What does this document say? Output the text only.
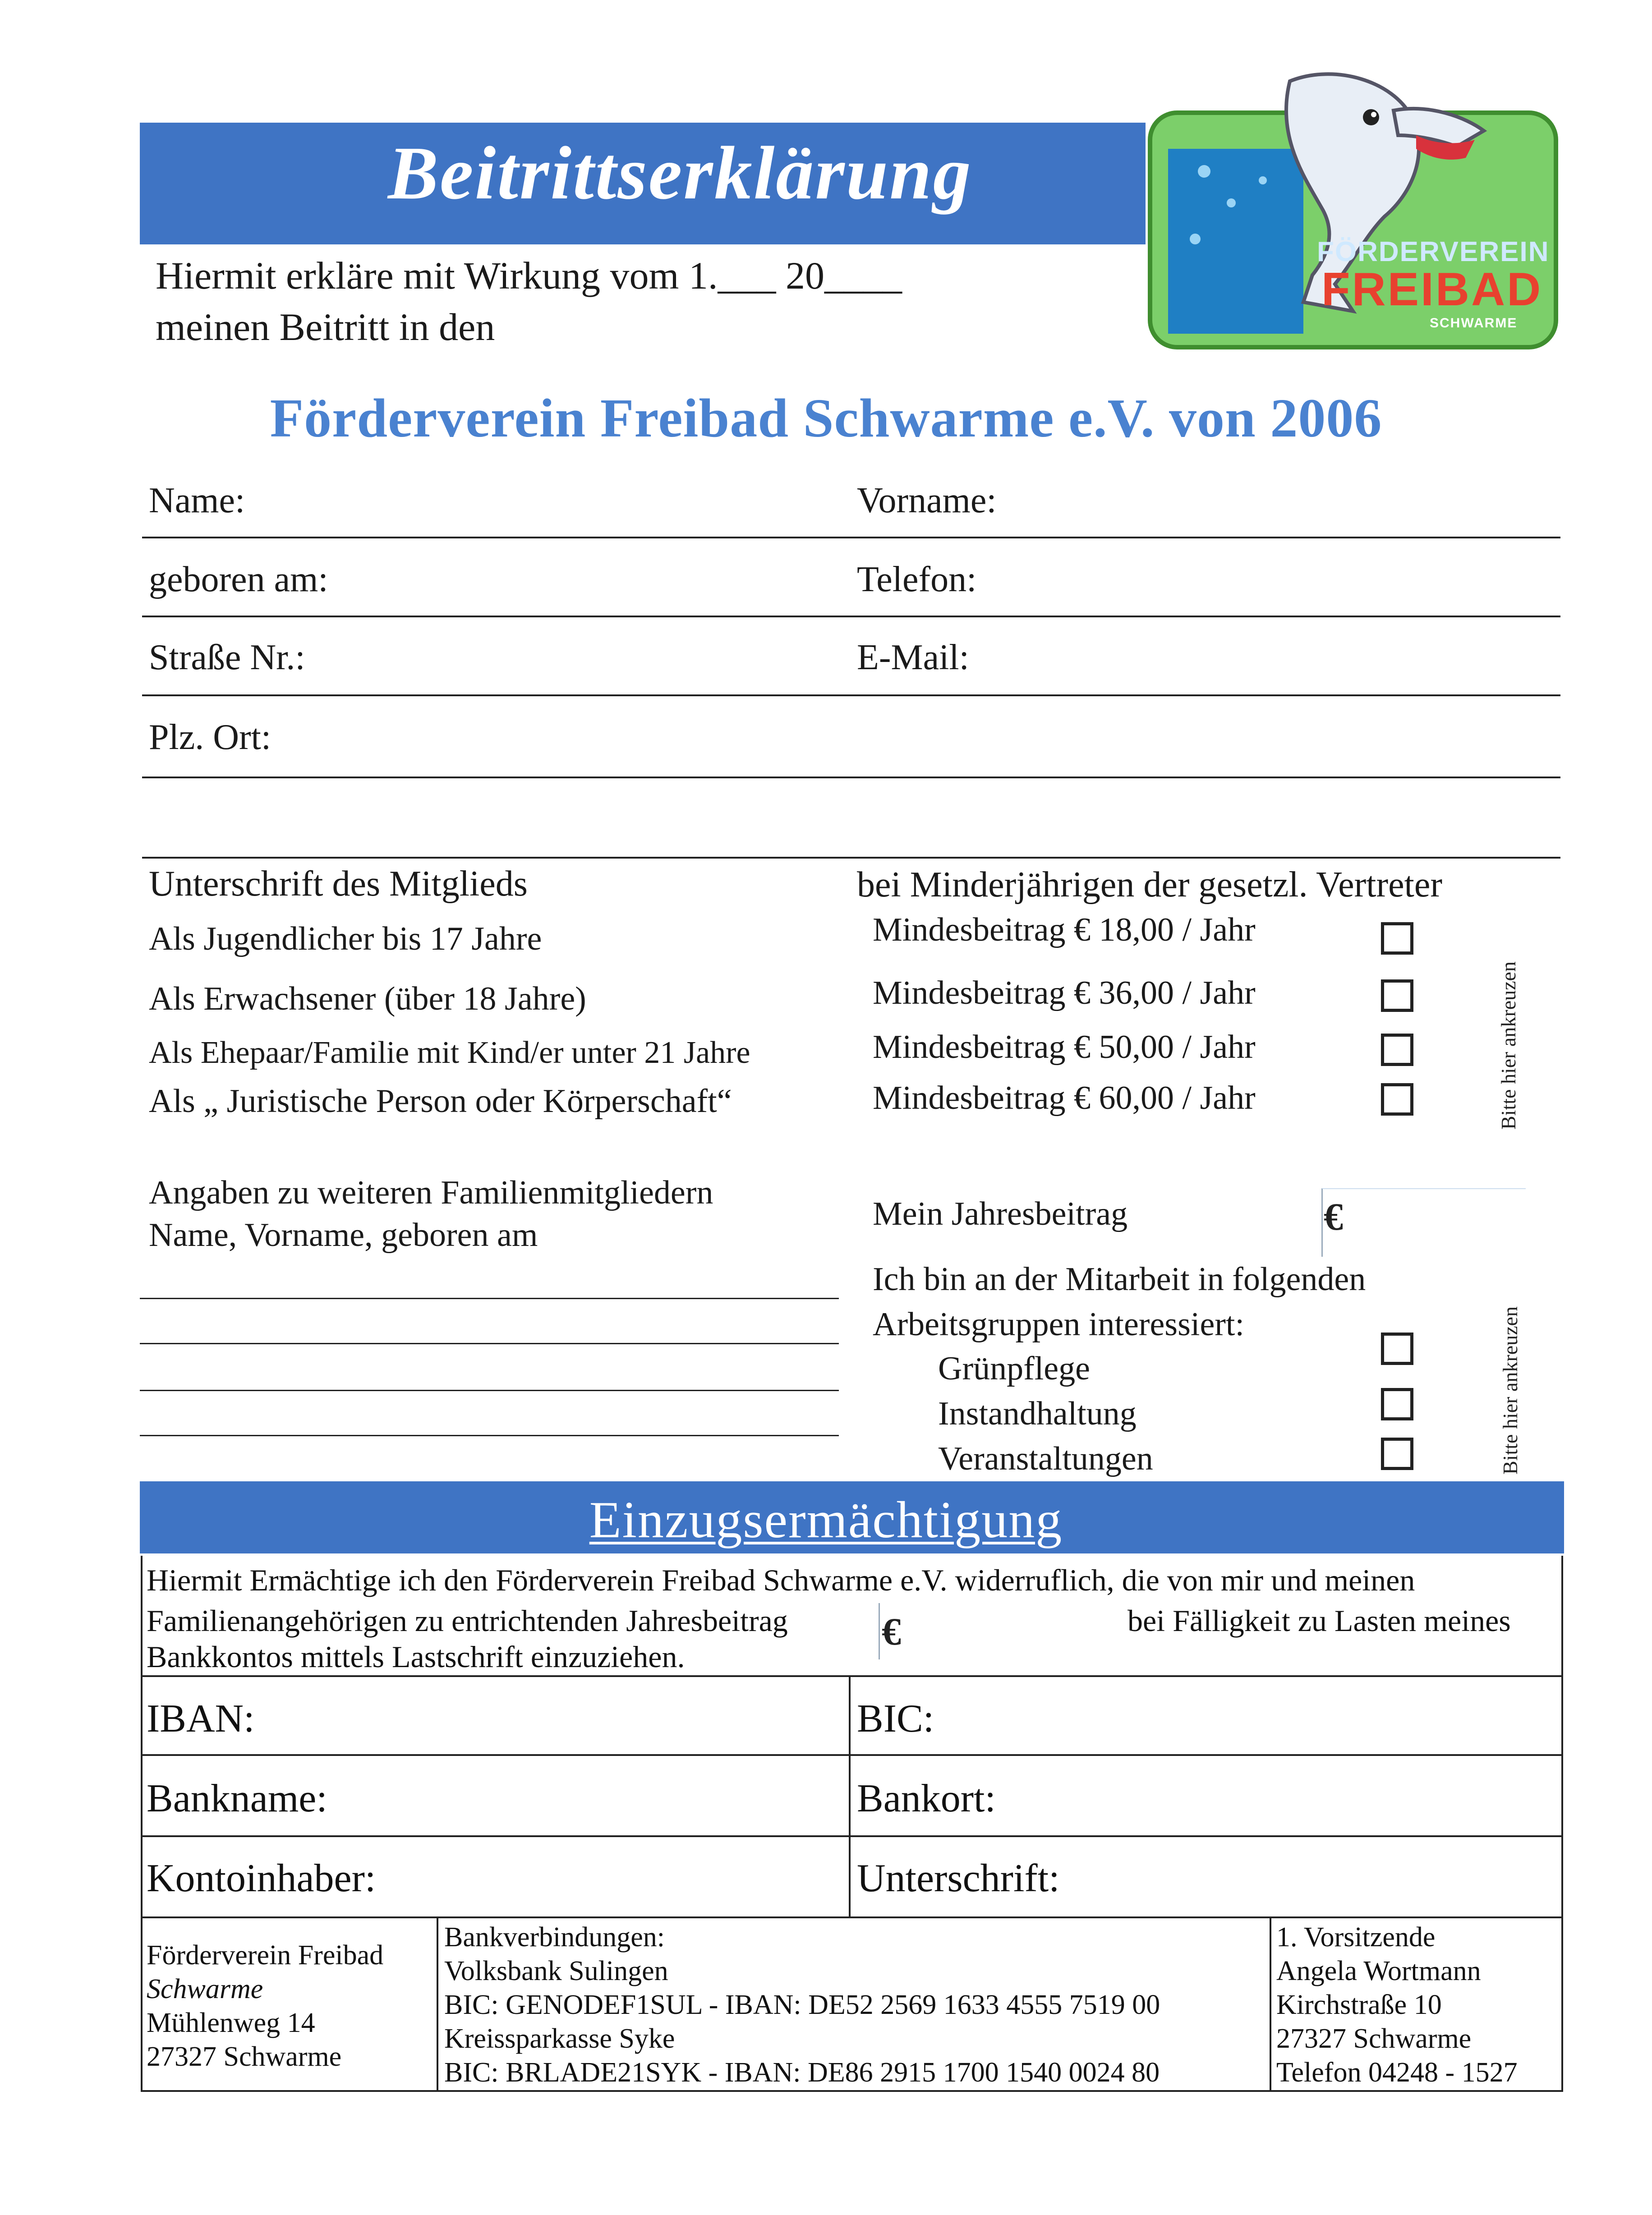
Beitrittserklärung
Hiermit erkläre mit Wirkung vom 1.___ 20____
meinen Beitritt in den
FÖRDERVEREIN
FREIBAD
SCHWARME
Förderverein Freibad Schwarme e.V. von 2006
Name:	Vorname:
geboren am:	Telefon:
Straße Nr.:	E-Mail:
Plz. Ort:
Unterschrift des Mitglieds	bei Minderjährigen der gesetzl. Vertreter
Als Jugendlicher bis 17 Jahre	Mindesbeitrag € 18,00 / Jahr
Als Erwachsener (über 18 Jahre)	Mindesbeitrag € 36,00 / Jahr
Als Ehepaar/Familie mit Kind/er unter 21 Jahre	Mindesbeitrag € 50,00 / Jahr
Als „ Juristische Person oder Körperschaft“	Mindesbeitrag € 60,00 / Jahr	Bitte hier ankreuzen
Angaben zu weiteren Familienmitgliedern
Name, Vorname, geboren am
Mein Jahresbeitrag	€
Ich bin an der Mitarbeit in folgenden
Arbeitsgruppen interessiert:
Grünpflege
Instandhaltung
Veranstaltungen	Bitte hier ankreuzen
Einzugsermächtigung
Hiermit Ermächtige ich den Förderverein Freibad Schwarme e.V. widerruflich, die von mir und meinen
Familienangehörigen zu entrichtenden Jahresbeitrag €	bei Fälligkeit zu Lasten meines
Bankkontos mittels Lastschrift einzuziehen.
IBAN:	BIC:
Bankname:	Bankort:
Kontoinhaber:	Unterschrift:
Förderverein Freibad
Schwarme
Mühlenweg 14
27327 Schwarme
Bankverbindungen:
Volksbank Sulingen
BIC: GENODEF1SUL - IBAN: DE52 2569 1633 4555 7519 00
Kreissparkasse Syke
BIC: BRLADE21SYK - IBAN: DE86 2915 1700 1540 0024 80
1. Vorsitzende
Angela Wortmann
Kirchstraße 10
27327 Schwarme
Telefon 04248 - 1527
